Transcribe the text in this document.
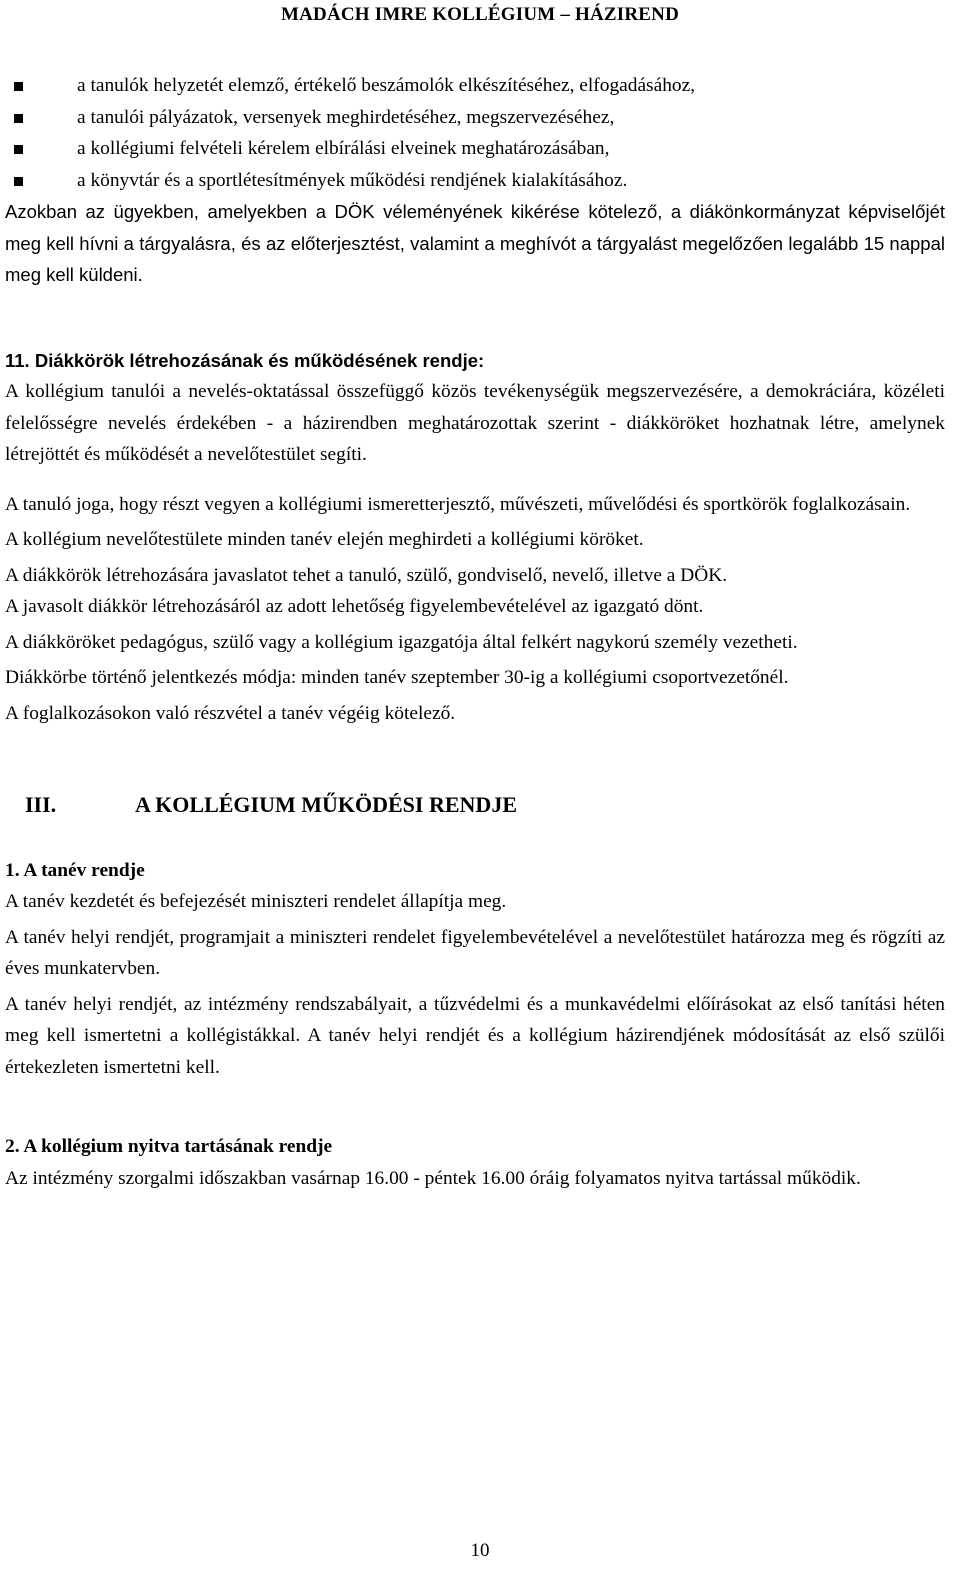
MADÁCH IMRE KOLLÉGIUM – HÁZIREND
a tanulók helyzetét elemző, értékelő beszámolók elkészítéséhez, elfogadásához,
a tanulói pályázatok, versenyek meghirdetéséhez, megszervezéséhez,
a kollégiumi felvételi kérelem elbírálási elveinek meghatározásában,
a könyvtár és a sportlétesítmények működési rendjének kialakításához.

Azokban az ügyekben, amelyekben a DÖK véleményének kikérése kötelező, a diákönkormányzat képviselőjét meg kell hívni a tárgyalásra, és az előterjesztést, valamint a meghívót a tárgyalást megelőzően legalább 15 nappal meg kell küldeni.

11. Diákkörök létrehozásának és működésének rendje:

A kollégium tanulói a nevelés-oktatással összefüggő közös tevékenységük megszervezésére, a demokráciára, közéleti felelősségre nevelés érdekében - a házirendben meghatározottak szerint - diákköröket hozhatnak létre, amelynek létrejöttét és működését a nevelőtestület segíti.

A tanuló joga, hogy részt vegyen a kollégiumi ismeretterjesztő, művészeti, művelődési és sportkörök foglalkozásain.

A kollégium nevelőtestülete minden tanév elején meghirdeti a kollégiumi köröket.

A diákkörök létrehozására javaslatot tehet a tanuló, szülő, gondviselő, nevelő, illetve a DÖK.

A javasolt diákkör létrehozásáról az adott lehetőség figyelembevételével az igazgató dönt.

A diákköröket pedagógus, szülő vagy a kollégium igazgatója által felkért nagykorú személy vezetheti.

Diákkörbe történő jelentkezés módja: minden tanév szeptember 30-ig a kollégiumi csoportvezetőnél.

A foglalkozásokon való részvétel a tanév végéig kötelező.

III.	A KOLLÉGIUM MŰKÖDÉSI RENDJE

1. A tanév rendje

A tanév kezdetét és befejezését miniszteri rendelet állapítja meg.

A tanév helyi rendjét, programjait a miniszteri rendelet figyelembevételével a nevelőtestület határozza meg és rögzíti az éves munkatervben.

A tanév helyi rendjét, az intézmény rendszabályait, a tűzvédelmi és a munkavédelmi előírásokat az első tanítási héten meg kell ismertetni a kollégistákkal. A tanév helyi rendjét és a kollégium házirendjének módosítását az első szülői értekezleten ismertetni kell.

2. A kollégium nyitva tartásának rendje

Az intézmény szorgalmi időszakban vasárnap 16.00 - péntek 16.00 óráig folyamatos nyitva tartással működik.

10
